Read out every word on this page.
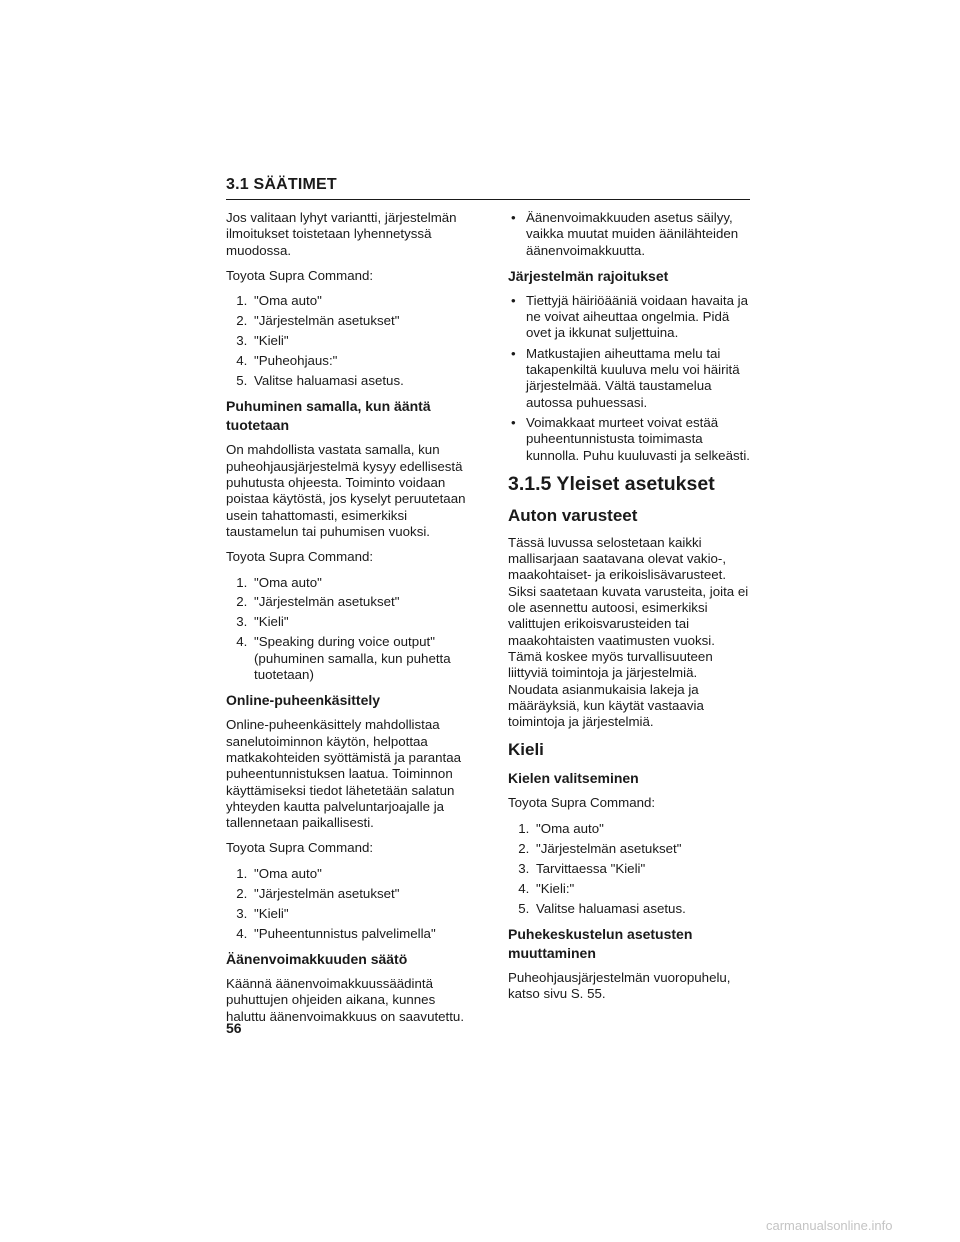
3.1 SÄÄTIMET

Jos valitaan lyhyt variantti, järjestelmän ilmoitukset toistetaan lyhennetyssä muodossa.

Toyota Supra Command:

1. "Oma auto"
2. "Järjestelmän asetukset"
3. "Kieli"
4. "Puheohjaus:"
5. Valitse haluamasi asetus.
Puhuminen samalla, kun ääntä tuotetaan

On mahdollista vastata samalla, kun puheohjausjärjestelmä kysyy edellisestä puhutusta ohjeesta. Toiminto voidaan poistaa käytöstä, jos kyselyt peruutetaan usein tahattomasti, esimerkiksi taustamelun tai puhumisen vuoksi.

Toyota Supra Command:

1. "Oma auto"
2. "Järjestelmän asetukset"
3. "Kieli"
4. "Speaking during voice output" (puhuminen samalla, kun puhetta tuotetaan)
Online-puheenkäsittely

Online-puheenkäsittely mahdollistaa sanelutoiminnon käytön, helpottaa matkakohteiden syöttämistä ja parantaa puheentunnistuksen laatua. Toiminnon käyttämiseksi tiedot lähetetään salatun yhteyden kautta palveluntarjoajalle ja tallennetaan paikallisesti.

Toyota Supra Command:

1. "Oma auto"
2. "Järjestelmän asetukset"
3. "Kieli"
4. "Puheentunnistus palvelimella"
Äänenvoimakkuuden säätö

Käännä äänenvoimakkuussäädintä puhuttujen ohjeiden aikana, kunnes haluttu äänenvoimakkuus on saavutettu.

• Äänenvoimakkuuden asetus säilyy, vaikka muutat muiden äänilähteiden äänenvoimakkuutta.
Järjestelmän rajoitukset
• Tiettyjä häiriöääniä voidaan havaita ja ne voivat aiheuttaa ongelmia. Pidä ovet ja ikkunat suljettuina.
• Matkustajien aiheuttama melu tai takapenkiltä kuuluva melu voi häiritä järjestelmää. Vältä taustamelua autossa puhuessasi.
• Voimakkaat murteet voivat estää puheentunnistusta toimimasta kunnolla. Puhu kuuluvasti ja selkeästi.
3.1.5 Yleiset asetukset
Auton varusteet

Tässä luvussa selostetaan kaikki mallisarjaan saatavana olevat vakio-, maakohtaiset- ja erikoislisävarusteet. Siksi saatetaan kuvata varusteita, joita ei ole asennettu autoosi, esimerkiksi valittujen erikoisvarusteiden tai maakohtaisten vaatimusten vuoksi. Tämä koskee myös turvallisuuteen liittyviä toimintoja ja järjestelmiä. Noudata asianmukaisia lakeja ja määräyksiä, kun käytät vastaavia toimintoja ja järjestelmiä.

Kieli
Kielen valitseminen

Toyota Supra Command:

1. "Oma auto"
2. "Järjestelmän asetukset"
3. Tarvittaessa "Kieli"
4. "Kieli:"
5. Valitse haluamasi asetus.
Puhekeskustelun asetusten muuttaminen

Puheohjausjärjestelmän vuoropuhelu, katso sivu S. 55.

56
carmanualsonline.info
